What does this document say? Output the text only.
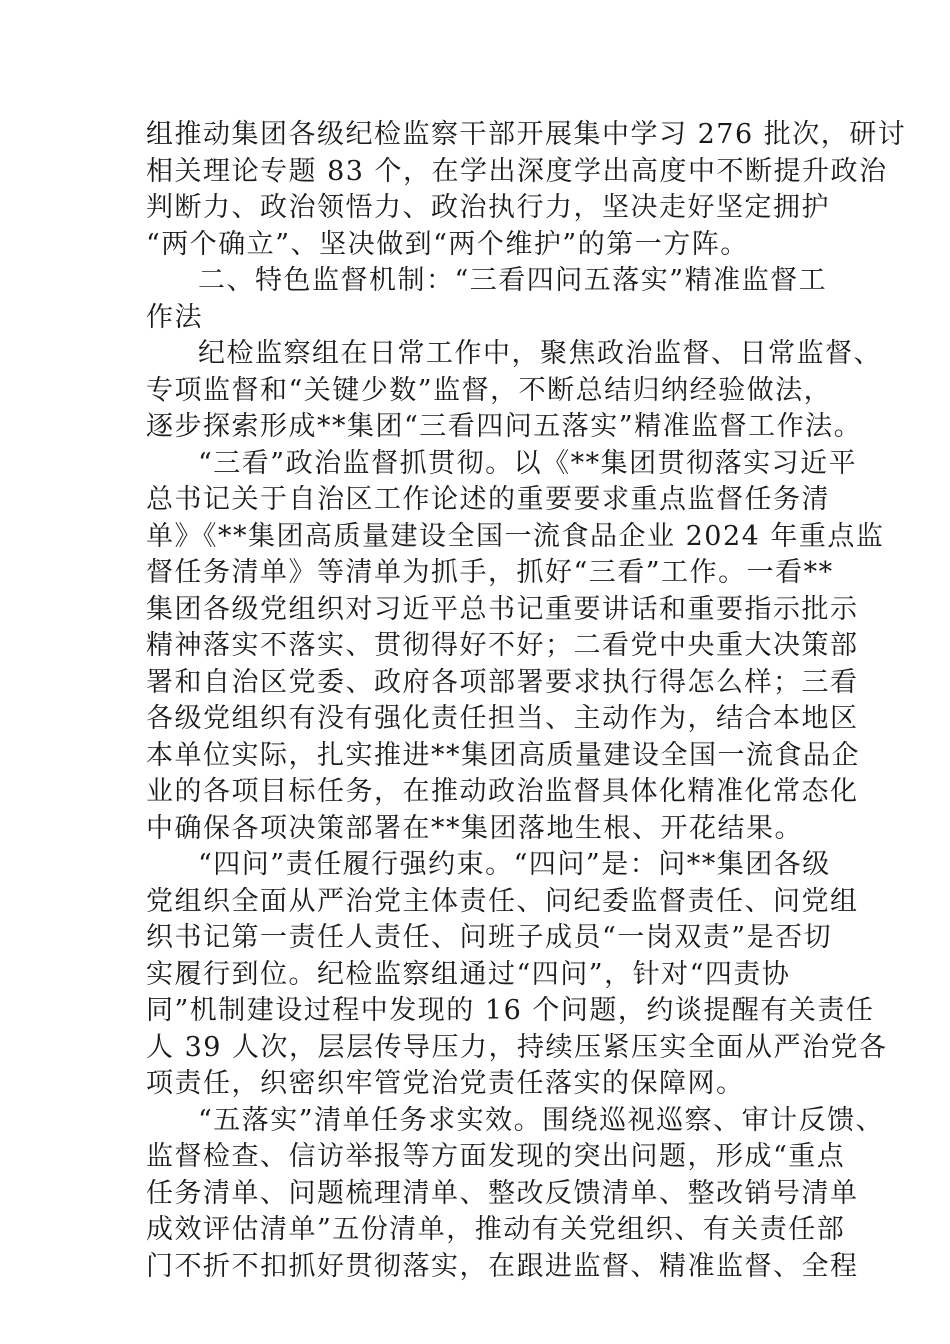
组推动集团各级纪检监察干部开展集中学习 276 批次，研讨
相关理论专题 83 个，在学出深度学出高度中不断提升政治
判断力、政治领悟力、政治执行力，坚决走好坚定拥护
“两个确立”、坚决做到“两个维护”的第一方阵。
二、特色监督机制：“三看四问五落实”精准监督工
作法
纪检监察组在日常工作中，聚焦政治监督、日常监督、
专项监督和“关键少数”监督，不断总结归纳经验做法，
逐步探索形成**集团“三看四问五落实”精准监督工作法。
“三看”政治监督抓贯彻。以《**集团贯彻落实习近平
总书记关于自治区工作论述的重要要求重点监督任务清
单》《**集团高质量建设全国一流食品企业 2024 年重点监
督任务清单》等清单为抓手，抓好“三看”工作。一看**
集团各级党组织对习近平总书记重要讲话和重要指示批示
精神落实不落实、贯彻得好不好；二看党中央重大决策部
署和自治区党委、政府各项部署要求执行得怎么样；三看
各级党组织有没有强化责任担当、主动作为，结合本地区
本单位实际，扎实推进**集团高质量建设全国一流食品企
业的各项目标任务，在推动政治监督具体化精准化常态化
中确保各项决策部署在**集团落地生根、开花结果。
“四问”责任履行强约束。“四问”是：问**集团各级
党组织全面从严治党主体责任、问纪委监督责任、问党组
织书记第一责任人责任、问班子成员“一岗双责”是否切
实履行到位。纪检监察组通过“四问”，针对“四责协
同”机制建设过程中发现的 16 个问题，约谈提醒有关责任
人 39 人次，层层传导压力，持续压紧压实全面从严治党各
项责任，织密织牢管党治党责任落实的保障网。
“五落实”清单任务求实效。围绕巡视巡察、审计反馈、
监督检查、信访举报等方面发现的突出问题，形成“重点
任务清单、问题梳理清单、整改反馈清单、整改销号清单
成效评估清单”五份清单，推动有关党组织、有关责任部
门不折不扣抓好贯彻落实，在跟进监督、精准监督、全程
